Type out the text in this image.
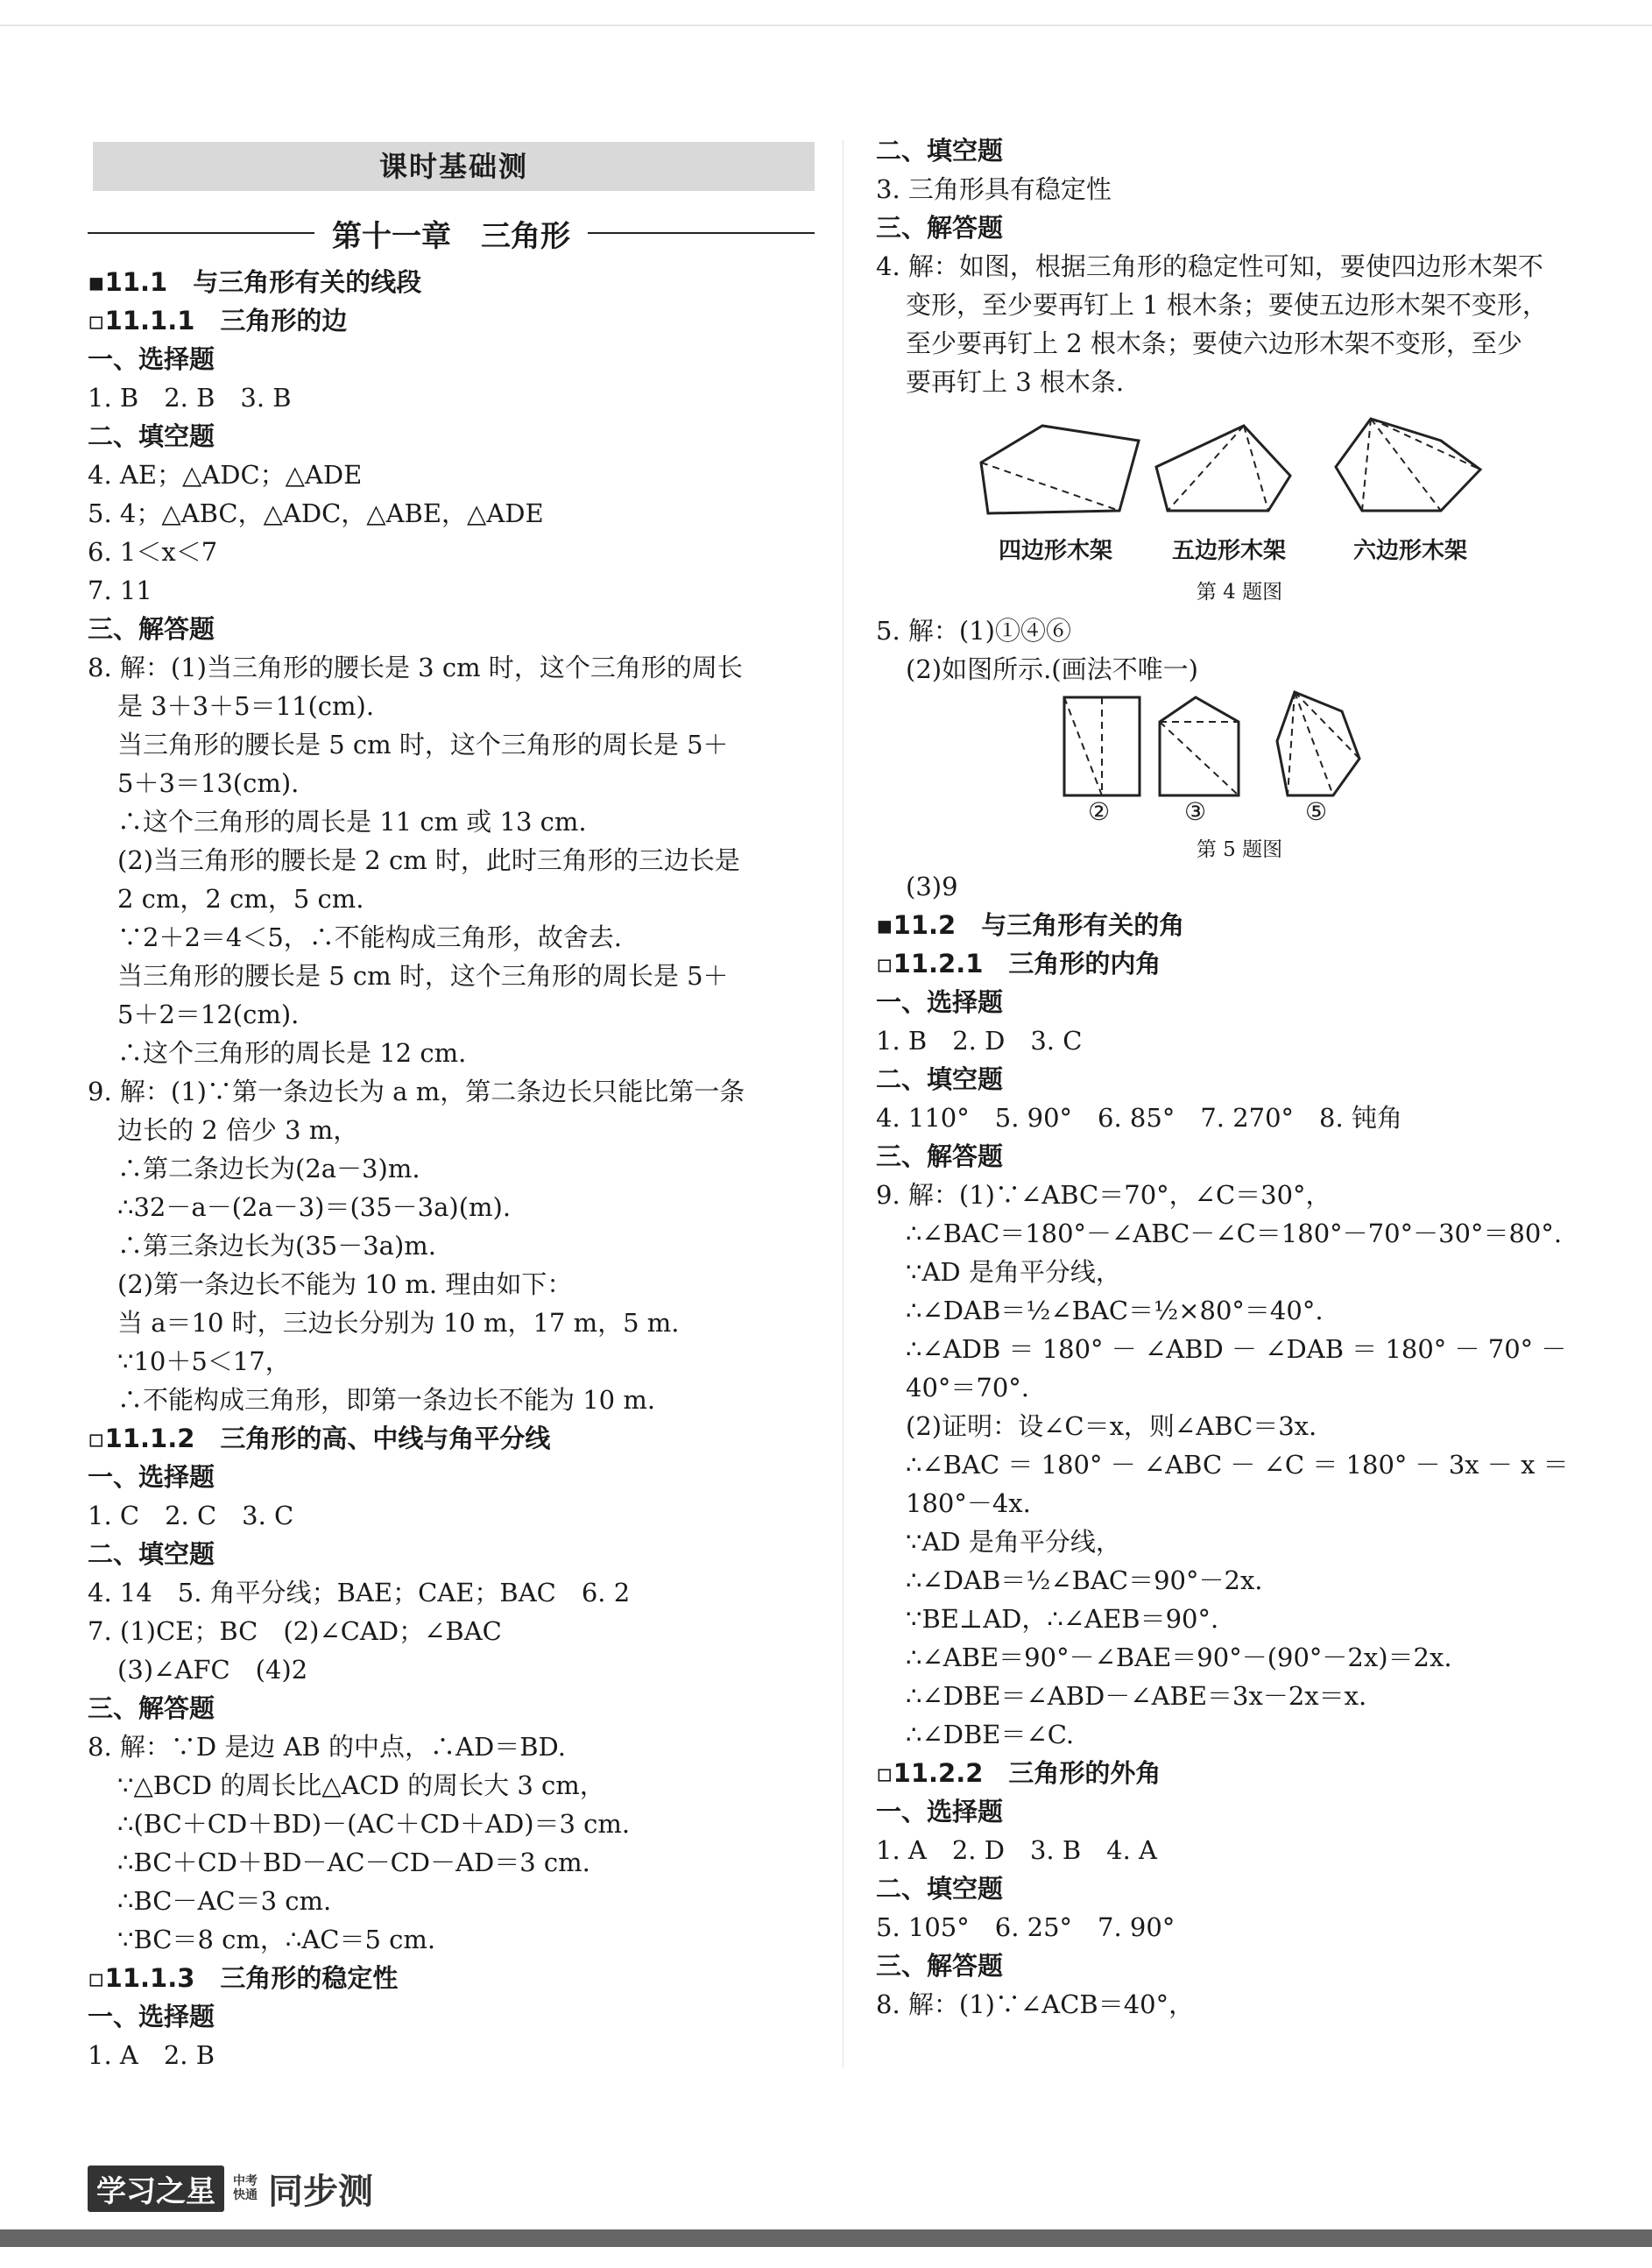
课时基础测
第十一章　三角形
▪11.1　与三角形有关的线段
▫11.1.1　三角形的边
一、选择题
1. B　2. B　3. B
二、填空题
4. AE；△ADC；△ADE
5. 4；△ABC，△ADC，△ABE，△ADE
6. 1＜x＜7
7. 11
三、解答题
8. 解：(1)当三角形的腰长是 3 cm 时，这个三角形的周长
是 3＋3＋5＝11(cm).
当三角形的腰长是 5 cm 时，这个三角形的周长是 5＋
5＋3＝13(cm).
∴这个三角形的周长是 11 cm 或 13 cm.
(2)当三角形的腰长是 2 cm 时，此时三角形的三边长是
2 cm，2 cm，5 cm.
∵2＋2＝4＜5，∴不能构成三角形，故舍去.
当三角形的腰长是 5 cm 时，这个三角形的周长是 5＋
5＋2＝12(cm).
∴这个三角形的周长是 12 cm.
9. 解：(1)∵第一条边长为 a m，第二条边长只能比第一条
边长的 2 倍少 3 m，
∴第二条边长为(2a－3)m.
∴32－a－(2a－3)＝(35－3a)(m).
∴第三条边长为(35－3a)m.
(2)第一条边长不能为 10 m. 理由如下：
当 a＝10 时，三边长分别为 10 m，17 m，5 m.
∵10＋5＜17，
∴不能构成三角形，即第一条边长不能为 10 m.
▫11.1.2　三角形的高、中线与角平分线
一、选择题
1. C　2. C　3. C
二、填空题
4. 14　5. 角平分线；BAE；CAE；BAC　6. 2
7. (1)CE；BC　(2)∠CAD；∠BAC
(3)∠AFC　(4)2
三、解答题
8. 解：∵D 是边 AB 的中点，∴AD＝BD.
∵△BCD 的周长比△ACD 的周长大 3 cm，
∴(BC＋CD＋BD)－(AC＋CD＋AD)＝3 cm.
∴BC＋CD＋BD－AC－CD－AD＝3 cm.
∴BC－AC＝3 cm.
∵BC＝8 cm，∴AC＝5 cm.
▫11.1.3　三角形的稳定性
一、选择题
1. A　2. B
二、填空题
3. 三角形具有稳定性
三、解答题
4. 解：如图，根据三角形的稳定性可知，要使四边形木架不
变形，至少要再钉上 1 根木条；要使五边形木架不变形，
至少要再钉上 2 根木条；要使六边形木架不变形，至少
要再钉上 3 根木条.
四边形木架	五边形木架	六边形木架
第 4 题图
5. 解：(1)①④⑥
(2)如图所示.(画法不唯一)
②	③	⑤
第 5 题图
(3)9
▪11.2　与三角形有关的角
▫11.2.1　三角形的内角
一、选择题
1. B　2. D　3. C
二、填空题
4. 110°　5. 90°　6. 85°　7. 270°　8. 钝角
三、解答题
9. 解：(1)∵∠ABC＝70°，∠C＝30°，
∴∠BAC＝180°－∠ABC－∠C＝180°－70°－30°＝80°.
∵AD 是角平分线，
∴∠DAB＝½∠BAC＝½×80°＝40°.
∴∠ADB ＝ 180° － ∠ABD － ∠DAB ＝ 180° － 70° －
40°＝70°.
(2)证明：设∠C＝x，则∠ABC＝3x.
∴∠BAC ＝ 180° － ∠ABC － ∠C ＝ 180° － 3x － x ＝
180°－4x.
∵AD 是角平分线，
∴∠DAB＝½∠BAC＝90°－2x.
∵BE⊥AD，∴∠AEB＝90°.
∴∠ABE＝90°－∠BAE＝90°－(90°－2x)＝2x.
∴∠DBE＝∠ABD－∠ABE＝3x－2x＝x.
∴∠DBE＝∠C.
▫11.2.2　三角形的外角
一、选择题
1. A　2. D　3. B　4. A
二、填空题
5. 105°　6. 25°　7. 90°
三、解答题
8. 解：(1)∵∠ACB＝40°，
学习之星	中考快通 同步测
